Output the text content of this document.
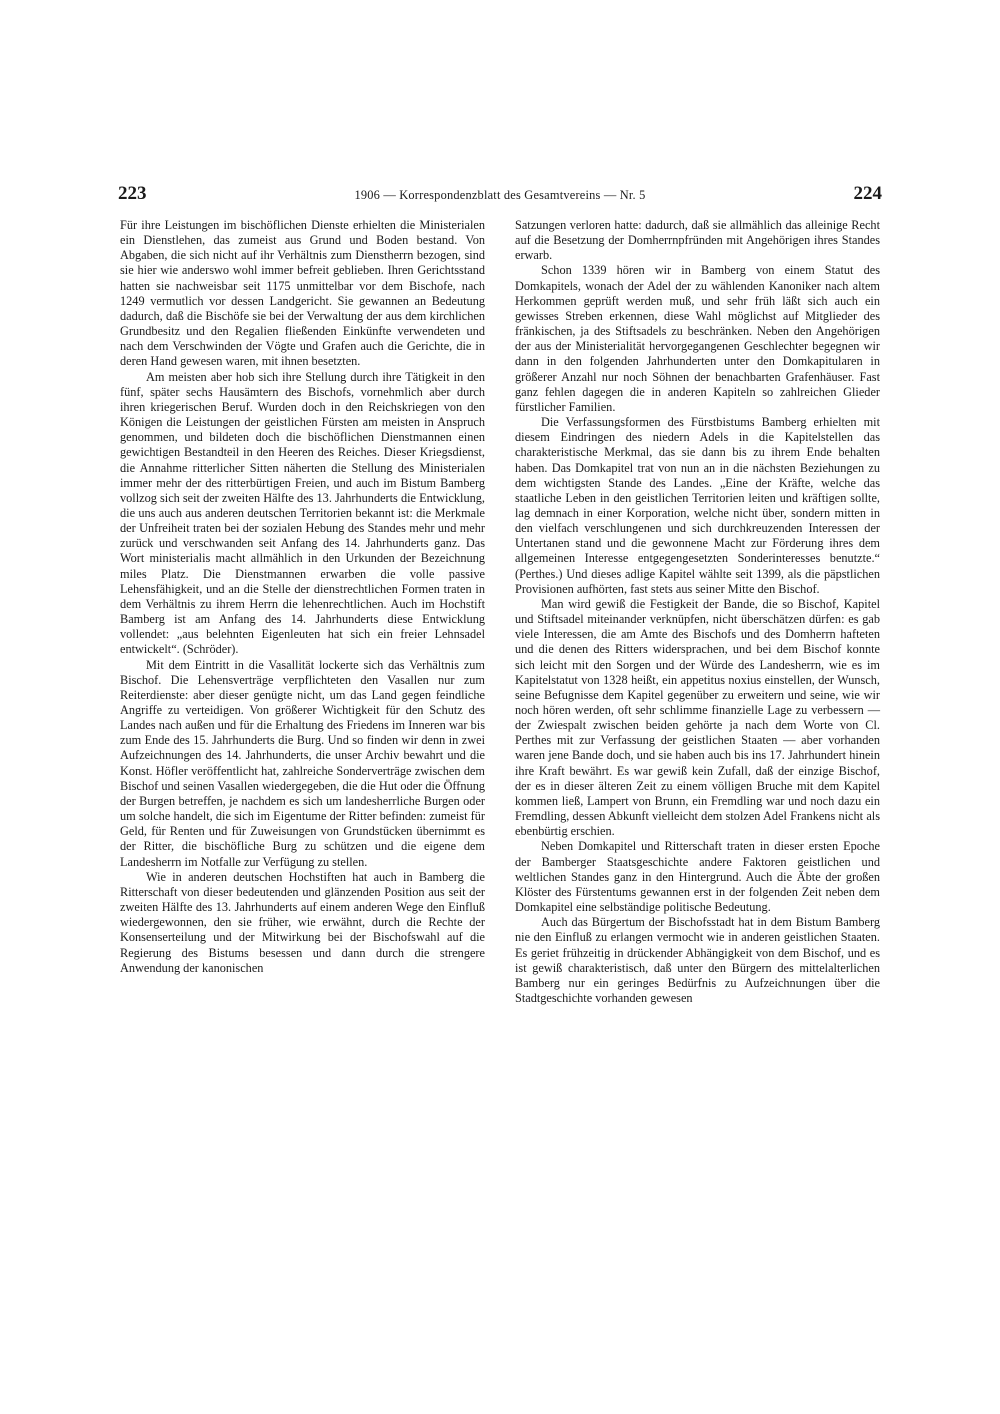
223	1906 — Korrespondenzblatt des Gesamtvereins — Nr. 5	224

Für ihre Leistungen im bischöflichen Dienste erhielten die Ministerialen ein Dienstlehen, das zumeist aus Grund und Boden bestand. Von Abgaben, die sich nicht auf ihr Verhältnis zum Dienstherrn bezogen, sind sie hier wie anderswo wohl immer befreit geblieben. Ihren Gerichtsstand hatten sie nachweisbar seit 1175 unmittelbar vor dem Bischofe, nach 1249 vermutlich vor dessen Landgericht. Sie gewannen an Bedeutung dadurch, daß die Bischöfe sie bei der Verwaltung der aus dem kirchlichen Grundbesitz und den Regalien fließenden Einkünfte verwendeten und nach dem Verschwinden der Vögte und Grafen auch die Gerichte, die in deren Hand gewesen waren, mit ihnen besetzten.

Am meisten aber hob sich ihre Stellung durch ihre Tätigkeit in den fünf, später sechs Hausämtern des Bischofs, vornehmlich aber durch ihren kriegerischen Beruf. Wurden doch in den Reichskriegen von den Königen die Leistungen der geistlichen Fürsten am meisten in Anspruch genommen, und bildeten doch die bischöflichen Dienstmannen einen gewichtigen Bestandteil in den Heeren des Reiches. Dieser Kriegsdienst, die Annahme ritterlicher Sitten näherten die Stellung des Ministerialen immer mehr der des ritterbürtigen Freien, und auch im Bistum Bamberg vollzog sich seit der zweiten Hälfte des 13. Jahrhunderts die Entwicklung, die uns auch aus anderen deutschen Territorien bekannt ist: die Merkmale der Unfreiheit traten bei der sozialen Hebung des Standes mehr und mehr zurück und verschwanden seit Anfang des 14. Jahrhunderts ganz. Das Wort ministerialis macht allmählich in den Urkunden der Bezeichnung miles Platz. Die Dienstmannen erwarben die volle passive Lehensfähigkeit, und an die Stelle der dienstrechtlichen Formen traten in dem Verhältnis zu ihrem Herrn die lehenrechtlichen. Auch im Hochstift Bamberg ist am Anfang des 14. Jahrhunderts diese Entwicklung vollendet: „aus belehnten Eigenleuten hat sich ein freier Lehnsadel entwickelt“. (Schröder).

Mit dem Eintritt in die Vasallität lockerte sich das Verhältnis zum Bischof. Die Lehensverträge verpflichteten den Vasallen nur zum Reiterdienste: aber dieser genügte nicht, um das Land gegen feindliche Angriffe zu verteidigen. Von größerer Wichtigkeit für den Schutz des Landes nach außen und für die Erhaltung des Friedens im Inneren war bis zum Ende des 15. Jahrhunderts die Burg. Und so finden wir denn in zwei Aufzeichnungen des 14. Jahrhunderts, die unser Archiv bewahrt und die Konst. Höfler veröffentlicht hat, zahlreiche Sonderverträge zwischen dem Bischof und seinen Vasallen wiedergegeben, die die Hut oder die Öffnung der Burgen betreffen, je nachdem es sich um landesherrliche Burgen oder um solche handelt, die sich im Eigentume der Ritter befinden: zumeist für Geld, für Renten und für Zuweisungen von Grundstücken übernimmt es der Ritter, die bischöfliche Burg zu schützen und die eigene dem Landesherrn im Notfalle zur Verfügung zu stellen.

Wie in anderen deutschen Hochstiften hat auch in Bamberg die Ritterschaft von dieser bedeutenden und glänzenden Position aus seit der zweiten Hälfte des 13. Jahrhunderts auf einem anderen Wege den Einfluß wiedergewonnen, den sie früher, wie erwähnt, durch die Rechte der Konsenserteilung und der Mitwirkung bei der Bischofswahl auf die Regierung des Bistums besessen und dann durch die strengere Anwendung der kanonischen

Satzungen verloren hatte: dadurch, daß sie allmählich das alleinige Recht auf die Besetzung der Domherrnpfründen mit Angehörigen ihres Standes erwarb.

Schon 1339 hören wir in Bamberg von einem Statut des Domkapitels, wonach der Adel der zu wählenden Kanoniker nach altem Herkommen geprüft werden muß, und sehr früh läßt sich auch ein gewisses Streben erkennen, diese Wahl möglichst auf Mitglieder des fränkischen, ja des Stiftsadels zu beschränken. Neben den Angehörigen der aus der Ministerialität hervorgegangenen Geschlechter begegnen wir dann in den folgenden Jahrhunderten unter den Domkapitularen in größerer Anzahl nur noch Söhnen der benachbarten Grafenhäuser. Fast ganz fehlen dagegen die in anderen Kapiteln so zahlreichen Glieder fürstlicher Familien.

Die Verfassungsformen des Fürstbistums Bamberg erhielten mit diesem Eindringen des niedern Adels in die Kapitelstellen das charakteristische Merkmal, das sie dann bis zu ihrem Ende behalten haben. Das Domkapitel trat von nun an in die nächsten Beziehungen zu dem wichtigsten Stande des Landes. „Eine der Kräfte, welche das staatliche Leben in den geistlichen Territorien leiten und kräftigen sollte, lag demnach in einer Korporation, welche nicht über, sondern mitten in den vielfach verschlungenen und sich durchkreuzenden Interessen der Untertanen stand und die gewonnene Macht zur Förderung ihres dem allgemeinen Interesse entgegengesetzten Sonderinteresses benutzte.“ (Perthes.) Und dieses adlige Kapitel wählte seit 1399, als die päpstlichen Provisionen aufhörten, fast stets aus seiner Mitte den Bischof.

Man wird gewiß die Festigkeit der Bande, die so Bischof, Kapitel und Stiftsadel miteinander verknüpfen, nicht überschätzen dürfen: es gab viele Interessen, die am Amte des Bischofs und des Domherrn hafteten und die denen des Ritters widersprachen, und bei dem Bischof konnte sich leicht mit den Sorgen und der Würde des Landesherrn, wie es im Kapitelstatut von 1328 heißt, ein appetitus noxius einstellen, der Wunsch, seine Befugnisse dem Kapitel gegenüber zu erweitern und seine, wie wir noch hören werden, oft sehr schlimme finanzielle Lage zu verbessern — der Zwiespalt zwischen beiden gehörte ja nach dem Worte von Cl. Perthes mit zur Verfassung der geistlichen Staaten — aber vorhanden waren jene Bande doch, und sie haben auch bis ins 17. Jahrhundert hinein ihre Kraft bewährt. Es war gewiß kein Zufall, daß der einzige Bischof, der es in dieser älteren Zeit zu einem völligen Bruche mit dem Kapitel kommen ließ, Lampert von Brunn, ein Fremdling war und noch dazu ein Fremdling, dessen Abkunft vielleicht dem stolzen Adel Frankens nicht als ebenbürtig erschien.

Neben Domkapitel und Ritterschaft traten in dieser ersten Epoche der Bamberger Staatsgeschichte andere Faktoren geistlichen und weltlichen Standes ganz in den Hintergrund. Auch die Äbte der großen Klöster des Fürstentums gewannen erst in der folgenden Zeit neben dem Domkapitel eine selbständige politische Bedeutung.

Auch das Bürgertum der Bischofsstadt hat in dem Bistum Bamberg nie den Einfluß zu erlangen vermocht wie in anderen geistlichen Staaten. Es geriet frühzeitig in drückender Abhängigkeit von dem Bischof, und es ist gewiß charakteristisch, daß unter den Bürgern des mittelalterlichen Bamberg nur ein geringes Bedürfnis zu Aufzeichnungen über die Stadtgeschichte vorhanden gewesen
